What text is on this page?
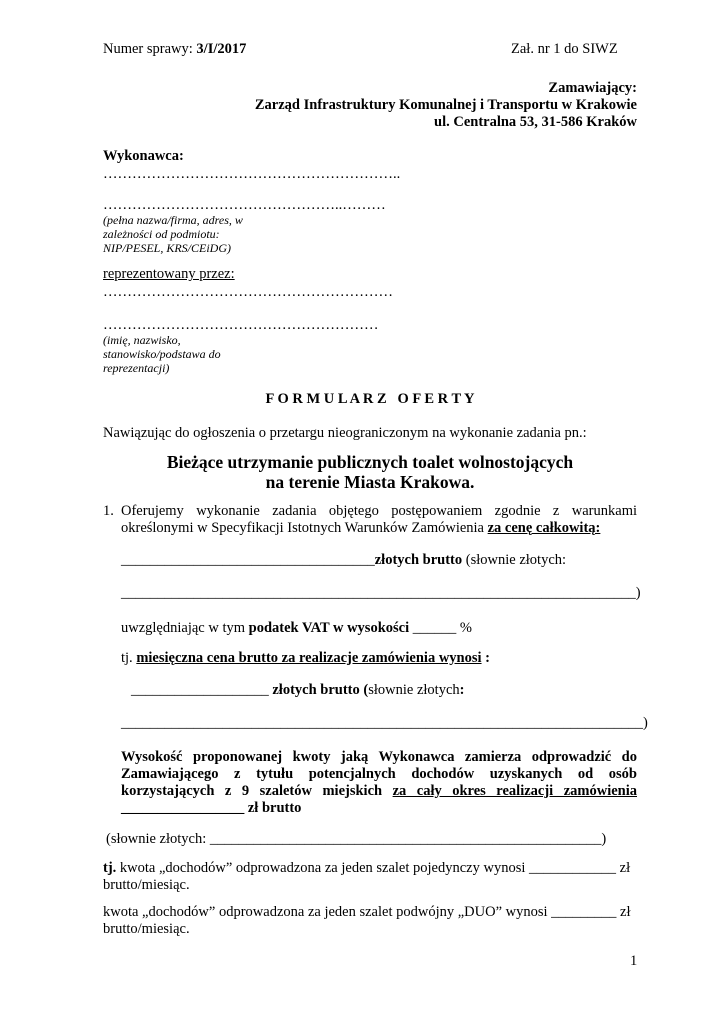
Numer sprawy: 3/I/2017	Zał. nr 1 do SIWZ
Zamawiający:
Zarząd Infrastruktury Komunalnej i Transportu w Krakowie
ul. Centralna 53, 31-586 Kraków
Wykonawca:
……………………………………………………..
…………………………………………..………
(pełna nazwa/firma, adres, w
zależności od podmiotu:
NIP/PESEL, KRS/CEiDG)
reprezentowany przez:
……………………………………………………
…………………………………………………
(imię, nazwisko,
stanowisko/podstawa do
reprezentacji)
F O R M U L A R Z   O F E R T Y
Nawiązując do ogłoszenia o przetargu nieograniczonym na wykonanie zadania pn.:
Bieżące utrzymanie publicznych toalet wolnostojących
na terenie Miasta Krakowa.
1. Oferujemy wykonanie zadania objętego postępowaniem zgodnie z warunkami
określonymi w Specyfikacji Istotnych Warunków Zamówienia za cenę całkowitą:
___________________________________złotych brutto (słownie złotych:
_______________________________________________________________________)
uwzględniając w tym podatek VAT w wysokości ______ %
tj. miesięczna cena brutto za realizacje zamówienia wynosi :
___________________ złotych brutto (słownie złotych:
________________________________________________________________________)
Wysokość proponowanej kwoty jaką Wykonawca zamierza odprowadzić do
Zamawiającego z tytułu potencjalnych dochodów uzyskanych od osób
korzystających z 9 szaletów miejskich za cały okres realizacji zamówienia
_________________ zł brutto
(słownie złotych: ______________________________________________________)
tj. kwota „dochodów” odprowadzona za jeden szalet pojedynczy wynosi ____________ zł
brutto/miesiąc.
kwota „dochodów” odprowadzona za jeden szalet podwójny „DUO” wynosi _________ zł
brutto/miesiąc.
1
